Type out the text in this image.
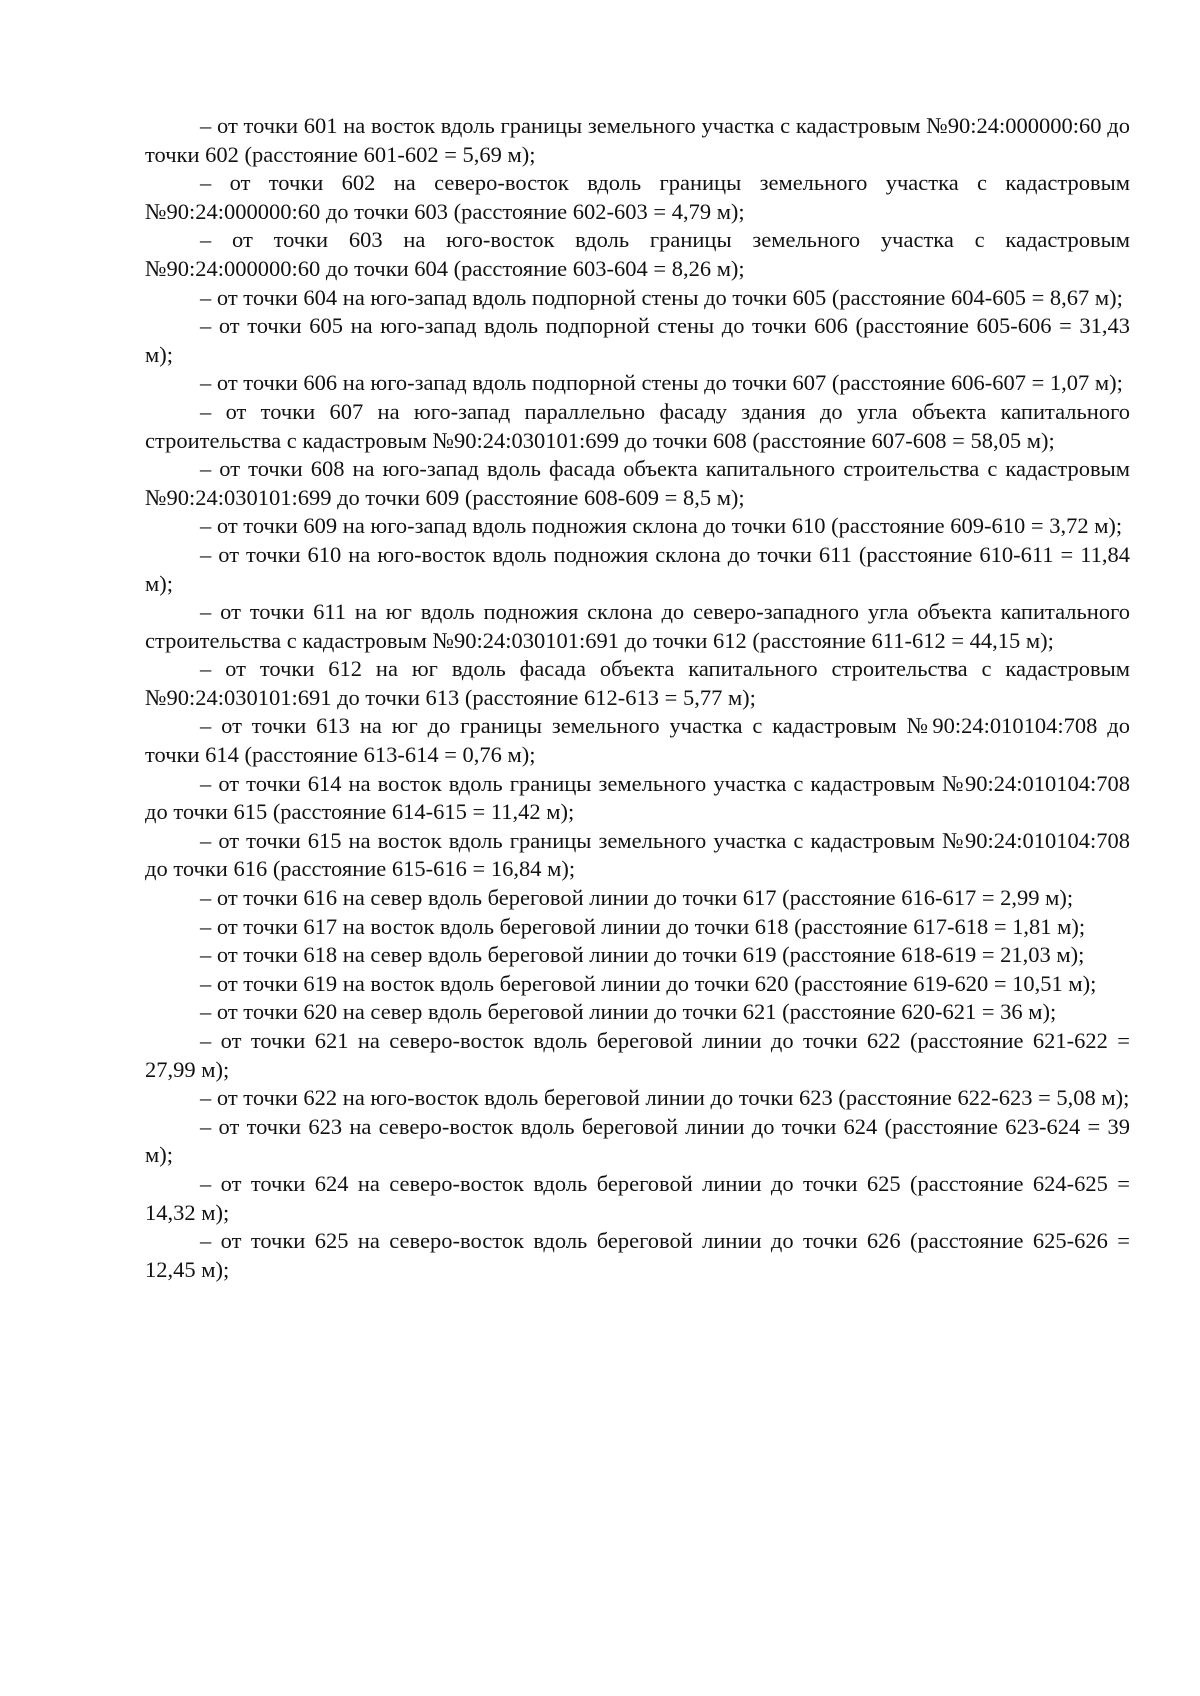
– от точки 601 на восток вдоль границы земельного участка с кадастровым №90:24:000000:60 до точки 602 (расстояние 601-602 = 5,69 м);

– от точки 602 на северо-восток вдоль границы земельного участка с кадастровым №90:24:000000:60 до точки 603 (расстояние 602-603 = 4,79 м);

– от точки 603 на юго-восток вдоль границы земельного участка с кадастровым №90:24:000000:60 до точки 604 (расстояние 603-604 = 8,26 м);

– от точки 604 на юго-запад вдоль подпорной стены до точки 605 (расстояние 604-605 = 8,67 м);

– от точки 605 на юго-запад вдоль подпорной стены до точки 606 (расстояние 605-606 = 31,43 м);

– от точки 606 на юго-запад вдоль подпорной стены до точки 607 (расстояние 606-607 = 1,07 м);

– от точки 607 на юго-запад параллельно фасаду здания до угла объекта капитального строительства с кадастровым №90:24:030101:699 до точки 608 (расстояние 607-608 = 58,05 м);

– от точки 608 на юго-запад вдоль фасада объекта капитального строительства с кадастровым №90:24:030101:699 до точки 609 (расстояние 608-609 = 8,5 м);

– от точки 609 на юго-запад вдоль подножия склона до точки 610 (расстояние 609-610 = 3,72 м);

– от точки 610 на юго-восток вдоль подножия склона до точки 611 (расстояние 610-611 = 11,84 м);

– от точки 611 на юг вдоль подножия склона до северо-западного угла объекта капитального строительства с кадастровым №90:24:030101:691 до точки 612 (расстояние 611-612 = 44,15 м);

– от точки 612 на юг вдоль фасада объекта капитального строительства с кадастровым №90:24:030101:691 до точки 613 (расстояние 612-613 = 5,77 м);

– от точки 613 на юг до границы земельного участка с кадастровым №90:24:010104:708 до точки 614 (расстояние 613-614 = 0,76 м);

– от точки 614 на восток вдоль границы земельного участка с кадастровым №90:24:010104:708 до точки 615 (расстояние 614-615 = 11,42 м);

– от точки 615 на восток вдоль границы земельного участка с кадастровым №90:24:010104:708 до точки 616 (расстояние 615-616 = 16,84 м);

– от точки 616 на север вдоль береговой линии до точки 617 (расстояние 616-617 = 2,99 м);

– от точки 617 на восток вдоль береговой линии до точки 618 (расстояние 617-618 = 1,81 м);

– от точки 618 на север вдоль береговой линии до точки 619 (расстояние 618-619 = 21,03 м);

– от точки 619 на восток вдоль береговой линии до точки 620 (расстояние 619-620 = 10,51 м);

– от точки 620 на север вдоль береговой линии до точки 621 (расстояние 620-621 = 36 м);

– от точки 621 на северо-восток вдоль береговой линии до точки 622 (расстояние 621-622 = 27,99 м);

– от точки 622 на юго-восток вдоль береговой линии до точки 623 (расстояние 622-623 = 5,08 м);

– от точки 623 на северо-восток вдоль береговой линии до точки 624 (расстояние 623-624 = 39 м);

– от точки 624 на северо-восток вдоль береговой линии до точки 625 (расстояние 624-625 = 14,32 м);

– от точки 625 на северо-восток вдоль береговой линии до точки 626 (расстояние 625-626 = 12,45 м);
